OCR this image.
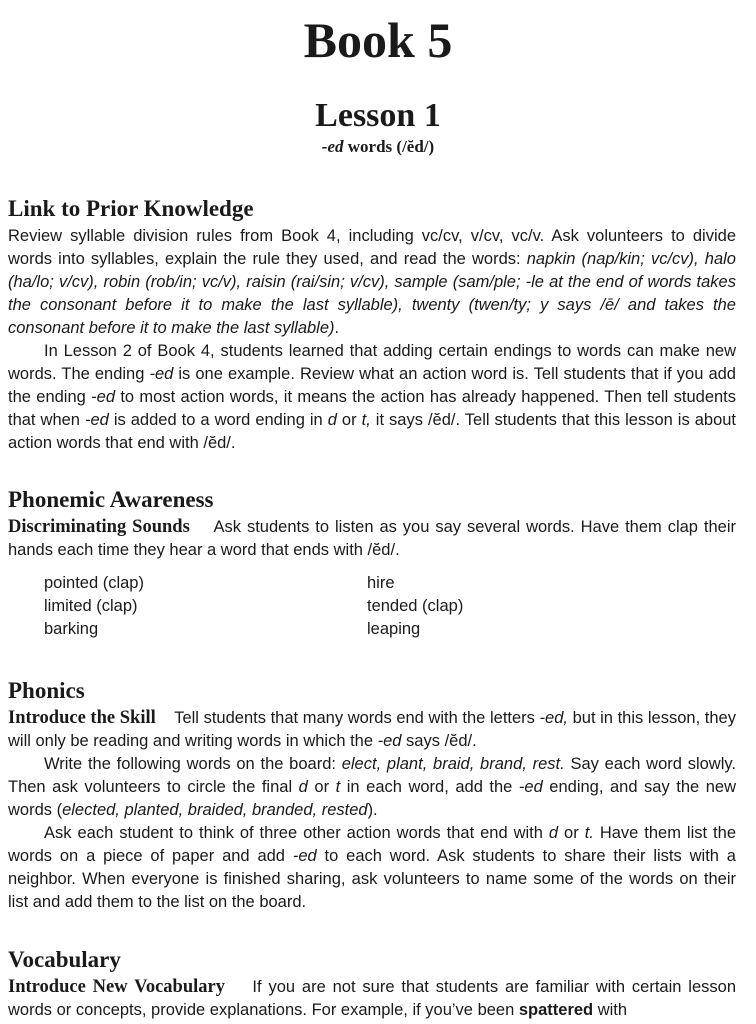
Book 5
Lesson 1
-ed words (/ĕd/)
Link to Prior Knowledge

Review syllable division rules from Book 4, including vc/cv, v/cv, vc/v. Ask volunteers to divide words into syllables, explain the rule they used, and read the words: napkin (nap/kin; vc/cv), halo (ha/lo; v/cv), robin (rob/in; vc/v), raisin (rai/sin; v/cv), sample (sam/ple; -le at the end of words takes the consonant before it to make the last syllable), twenty (twen/ty; y says /ē/ and takes the consonant before it to make the last syllable).

In Lesson 2 of Book 4, students learned that adding certain endings to words can make new words. The ending -ed is one example. Review what an action word is. Tell students that if you add the ending -ed to most action words, it means the action has already happened. Then tell students that when -ed is added to a word ending in d or t, it says /ĕd/. Tell students that this lesson is about action words that end with /ĕd/.

Phonemic Awareness

Discriminating Sounds Ask students to listen as you say several words. Have them clap their hands each time they hear a word that ends with /ĕd/.

pointed (clap)	hire
limited (clap)	tended (clap)
barking	leaping
Phonics

Introduce the Skill Tell students that many words end with the letters -ed, but in this lesson, they will only be reading and writing words in which the -ed says /ĕd/.

Write the following words on the board: elect, plant, braid, brand, rest. Say each word slowly. Then ask volunteers to circle the final d or t in each word, add the -ed ending, and say the new words (elected, planted, braided, branded, rested).

Ask each student to think of three other action words that end with d or t. Have them list the words on a piece of paper and add -ed to each word. Ask students to share their lists with a neighbor. When everyone is finished sharing, ask volunteers to name some of the words on their list and add them to the list on the board.

Vocabulary

Introduce New Vocabulary If you are not sure that students are familiar with certain lesson words or concepts, provide explanations. For example, if you’ve been spattered with
